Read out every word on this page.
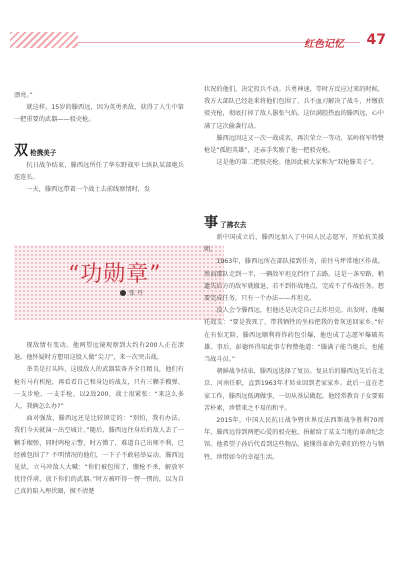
红色记忆 47

漂亮。”

就这样，15岁的滕西远，因为英勇杀敌，获得了人生中第一把重要的武器——驳壳枪。

双枪携美子

抗日战争结束，滕西远所任了华东野战军七纵队某部炮兵连连长。

一天，滕西远带着一个战士去前线察情时，发

“功勋章”
张 丹

现敌情有变动。他两望远镜观察到大约有200人正在溃退。他怀疑时方想用这股人做“尖刀”，来一次突击战。

举美是打头阵，这股敌人的武器装备齐全且精良，他们有枪有马有机枪，再看看自己和身边的战友，只有三颗手榴弹、一支步枪、一支手枪，以2敌200，战士很紧张：“来这么多人，我俩怎么办?”

面对强敌，滕西远还是比较镇定的：“别怕，我有办法。我们今天就演一出空城计。”随后，滕西远往身后的敌人丢了一颗手榴弹，同时鸣枪示警，时方懵了，难道自己出师不利，已经被包围了？不明情况的他们，一下子不敢轻举妄动。滕西远见状，立马冲敌人大喊：“你们被包围了，缴枪不杀，解放军优待俘虏，放下你们的武器。”时方被吓得一愣一愣的，以为自己真的陷入埋伏圈，摸不清楚

状况的他们，决定投兵不动。兵勇神速，等时方反应过来的时候，我方大部队已经赶来将他们包围了，兵不血刃解决了战斗，并缴获驳壳枪，彻底打掉了敌人嚣张气焰。这位满腔热血的滕西远，心中满了这次偷袭行动。

滕西远因这又一次一战成名，再次荣立一等功，某岭将军特赞枪是“孤胆英雄”，还亲手奖励了他一把驳壳枪。

这是他的第二把驳壳枪。他因此被大家称为“双枪滕美子”。

事了拂衣去

新中国成立后，滕西远加入了中国人民志愿军，开始抗美援朝。

1963年，滕西远所在部队接到任务，前往马坪常地区作战。然而那队走到一半，一辆敌军坦克挡住了去路。这是一条窄路，稍遗失后方的敌军就撤退，若不到作战地点，完成不了作战任务。想要完成任务，只有一个办法——炸坦克。

没人会令滕西远，但他还是决定自己去炸坦克。出发时，他嘱托战友：“要是我死了，带我牺牲的坐标把我的骨灰送回家乡。”好在有惊无险，滕西远顺利将炸药包引爆，他也成了志愿军爆破英雄。事后，彭德怀得知此事专程赞他道：“滕满子能当炮兵，也能当战斗员。”

朝鲜战争结束，滕西远选择了复员。复员后的滕西远先后在北京、河南任职，直到1963年才转业回到老家家乡。此后一直在老家工作，滕西远低调做事，一切从基层做起。他经常教育子女要艰苦朴素，珍惜来之不易的和平。

2015年，中国人民抗日战争暨世界反法西斯战争胜利70周年，滕西远得到两把心爱的驳壳枪，捐献给了某支当地的革命纪念馆。他希望子孙后代看到这些物品，能懂得革命先辈们的努力与牺牲，珍惜如今的幸福生活。
